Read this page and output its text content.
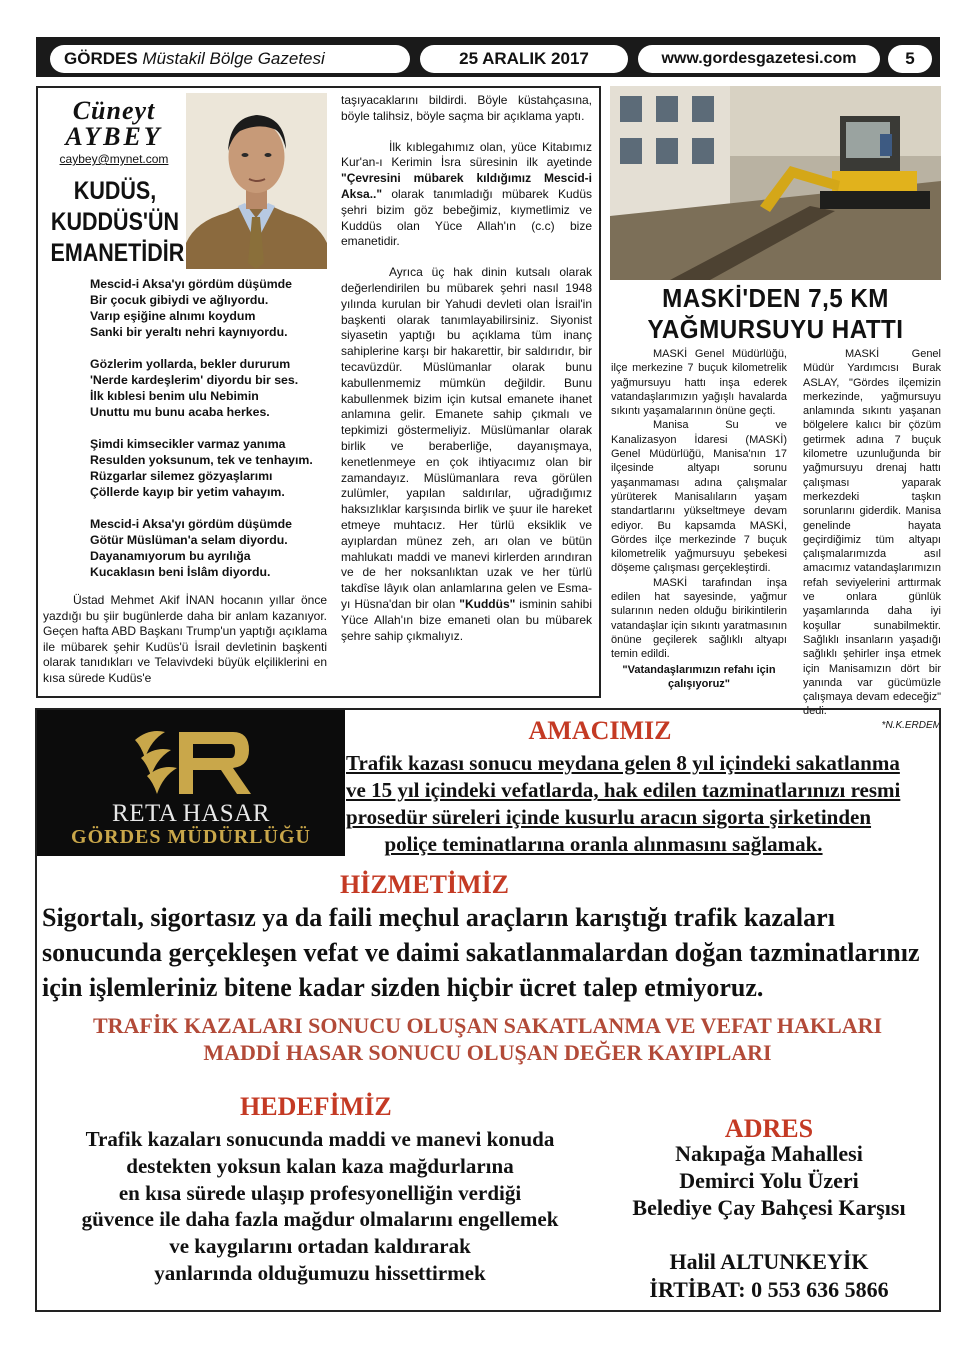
GÖRDES Müstakil Bölge Gazetesi	25 ARALIK 2017	www.gordesgazetesi.com	5
Cüneyt
AYBEY
caybey@mynet.com
KUDÜS,
KUDDÜS'ÜN
EMANETİDİR
Mescid-i Aksa'yı gördüm düşümde
Bir çocuk gibiydi ve ağlıyordu.
Varıp eşiğine alnımı koydum
Sanki bir yeraltı nehri kaynıyordu.
Gözlerim yollarda, bekler dururum
'Nerde kardeşlerim' diyordu bir ses.
İlk kıblesi benim ulu Nebimin
Unuttu mu bunu acaba herkes.
Şimdi kimsecikler varmaz yanıma
Resulden yoksunum, tek ve tenhayım.
Rüzgarlar silemez gözyaşlarımı
Çöllerde kayıp bir yetim vahayım.
Mescid-i Aksa'yı gördüm düşümde
Götür Müslüman'a selam diyordu.
Dayanamıyorum bu ayrılığa
Kucaklasın beni İslâm diyordu.

Üstad Mehmet Akif İNAN hocanın yıllar önce yazdığı bu şiir bugünlerde daha bir anlam kazanıyor. Geçen hafta ABD Başkanı Trump'un yaptığı açıklama ile mübarek şehir Kudüs'ü İsrail devletinin başkenti olarak tanıdıkları ve Telavivdeki büyük elçiliklerini en kısa sürede Kudüs'e

taşıyacaklarını bildirdi. Böyle küstahçasına, böyle talihsiz, böyle saçma bir açıklama yaptı.

İlk kıblegahımız olan, yüce Kitabımız Kur'an-ı Kerimin İsra süresinin ilk ayetinde "Çevresini mübarek kıldığımız Mescid-i Aksa.." olarak tanımladığı mübarek Kudüs şehri bizim göz bebeğimiz, kıymetlimiz ve Kuddüs olan Yüce Allah'ın (c.c) bize emanetidir.

Ayrıca üç hak dinin kutsalı olarak değerlendirilen bu mübarek şehri nasıl 1948 yılında kurulan bir Yahudi devleti olan İsrail'in başkenti olarak tanımlayabilirsiniz. Siyonist siyasetin yaptığı bu açıklama tüm inanç sahiplerine karşı bir hakarettir, bir saldırıdır, bir tecavüzdür. Müslümanlar olarak bunu kabullenmemiz mümkün değildir. Bunu kabullenmek bizim için kutsal emanete ihanet anlamına gelir. Emanete sahip çıkmalı ve tepkimizi göstermeliyiz. Müslümanlar olarak birlik ve beraberliğe, dayanışmaya, kenetlenmeye en çok ihtiyacımız olan bir zamandayız. Müslümanlara reva görülen zulümler, yapılan saldırılar, uğradığımız haksızlıklar karşısında birlik ve şuur ile hareket etmeye muhtacız. Her türlü eksiklik ve ayıplardan münez zeh, arı olan ve bütün mahlukatı maddi ve manevi kirlerden arındıran ve de her noksanlıktan uzak ve her türlü takdîse lâyık olan anlamlarına gelen ve Esma-yı Hüsna'dan bir olan "Kuddüs" isminin sahibi Yüce Allah'ın bize emaneti olan bu mübarek şehre sahip çıkmalıyız.

MASKİ'DEN 7,5 KM
YAĞMURSUYU HATTI

MASKİ Genel Müdürlüğü, ilçe merkezine 7 buçuk kilometrelik yağmursuyu hattı inşa ederek vatandaşlarımızın yağışlı havalarda sıkıntı yaşamalarının önüne geçti.

Manisa Su ve Kanalizasyon İdaresi (MASKİ) Genel Müdürlüğü, Manisa'nın 17 ilçesinde altyapı sorunu yaşanmaması adına çalışmalar yürüterek Manisalıların yaşam standartlarını yükseltmeye devam ediyor. Bu kapsamda MASKİ, Gördes ilçe merkezinde 7 buçuk kilometrelik yağmursuyu şebekesi döşeme çalışması gerçekleştirdi.

MASKİ tarafından inşa edilen hat sayesinde, yağmur sularının neden olduğu birikintilerin vatandaşlar için sıkıntı yaratmasının önüne geçilerek sağlıklı altyapı temin edildi.

"Vatandaşlarımızın refahı için çalışıyoruz"

MASKİ Genel Müdür Yardımcısı Burak ASLAY, "Gördes ilçemizin merkezinde, yağmursuyu anlamında sıkıntı yaşanan bölgelere kalıcı bir çözüm getirmek adına 7 buçuk kilometre uzunluğunda bir yağmursuyu drenaj hattı çalışması yaparak merkezdeki taşkın sorunlarını giderdik. Manisa genelinde hayata geçirdiğimiz tüm altyapı çalışmalarımızda asıl amacımız vatandaşlarımızın refah seviyelerini arttırmak ve onlara günlük yaşamlarında daha iyi koşullar sunabilmektir. Sağlıklı insanların yaşadığı sağlıklı şehirler inşa etmek için Manisamızın dört bir yanında var gücümüzle çalışmaya devam edeceğiz" dedi.

*N.K.ERDEM
RETA HASAR
GÖRDES MÜDÜRLÜĞÜ
AMACIMIZ
Trafik kazası sonucu meydana gelen 8 yıl içindeki sakatlanma
ve 15 yıl içindeki vefatlarda, hak edilen tazminatlarınızı resmi
prosedür süreleri içinde kusurlu aracın sigorta şirketinden
poliçe teminatlarına oranla alınmasını sağlamak.
HİZMETİMİZ
Sigortalı, sigortasız ya da faili meçhul araçların karıştığı trafik kazaları
sonucunda gerçekleşen vefat ve daimi sakatlanmalardan doğan tazminatlarınız
için işlemleriniz bitene kadar sizden hiçbir ücret talep etmiyoruz.
TRAFİK KAZALARI SONUCU OLUŞAN SAKATLANMA VE VEFAT HAKLARI
MADDİ HASAR SONUCU OLUŞAN DEĞER KAYIPLARI
HEDEFİMİZ
Trafik kazaları sonucunda maddi ve manevi konuda
destekten yoksun kalan kaza mağdurlarına
en kısa sürede ulaşıp profesyonelliğin verdiği
güvence ile daha fazla mağdur olmalarını engellemek
ve kaygılarını ortadan kaldırarak
yanlarında olduğumuzu hissettirmek
ADRES
Nakıpağa Mahallesi
Demirci Yolu Üzeri
Belediye Çay Bahçesi Karşısı
Halil ALTUNKEYİK
İRTİBAT: 0 553 636 5866
